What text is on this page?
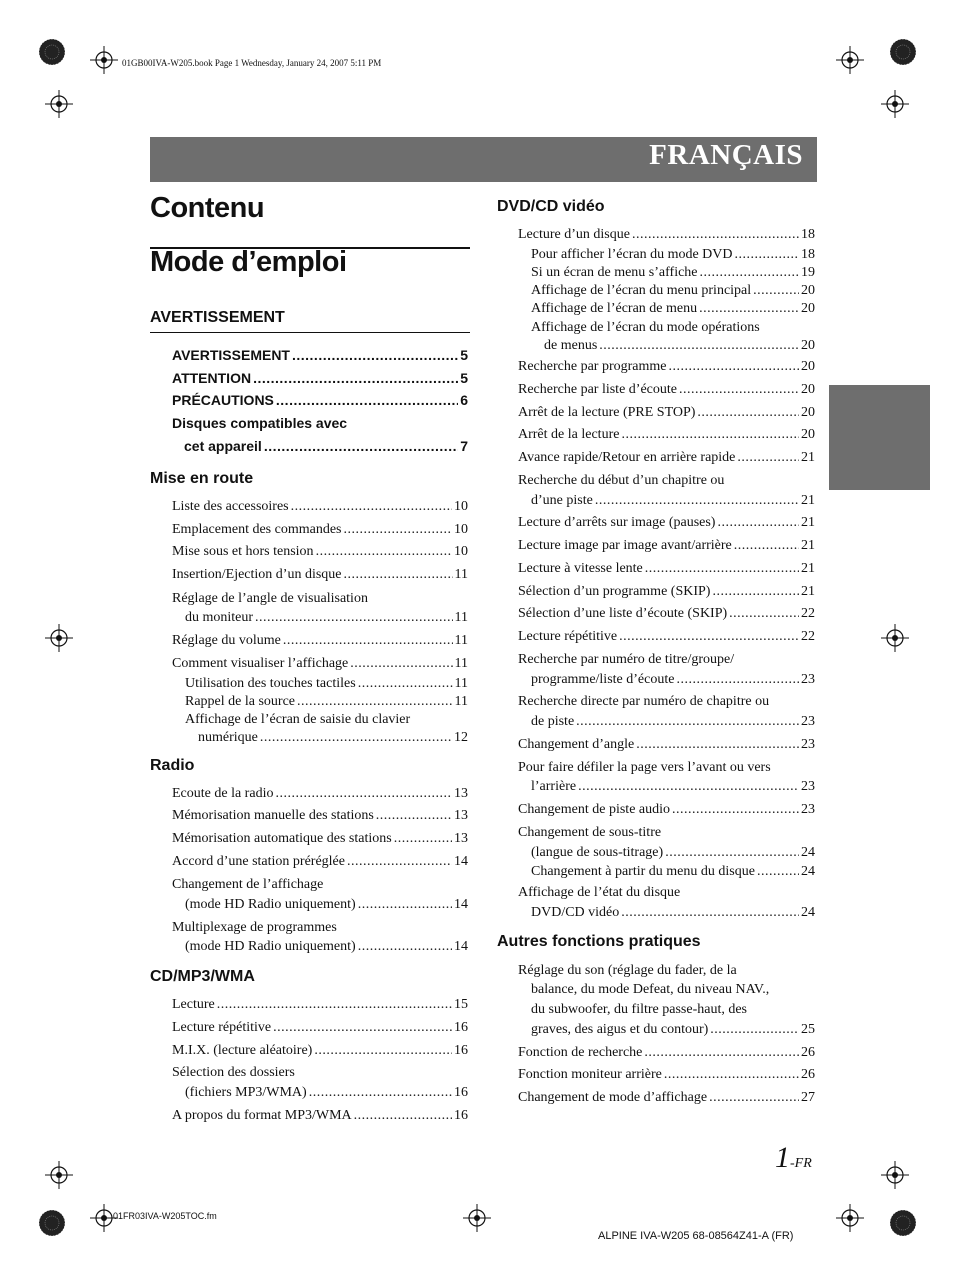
01GB00IVA-W205.book Page 1 Wednesday, January 24, 2007 5:11 PM
FRANÇAIS
Contenu
Mode d’emploi
AVERTISSEMENT
Mise en route
Radio
CD/MP3/WMA
DVD/CD vidéo
Autres fonctions pratiques
AVERTISSEMENT .....	5
ATTENTION .....	5
PRÉCAUTIONS .....	6
Disques compatibles avec
cet appareil .....	7
Liste des accessoires .....	10
Emplacement des commandes .....	10
Mise sous et hors tension .....	10
Insertion/Ejection d’un disque .....	11
Réglage de l’angle de visualisation
du moniteur .....	11
Réglage du volume .....	11
Comment visualiser l’affichage .....	11
Utilisation des touches tactiles .....	11
Rappel de la source .....	11
Affichage de l’écran de saisie du clavier
numérique .....	12
Ecoute de la radio .....	13
Mémorisation manuelle des stations .....	13
Mémorisation automatique des stations .....	13
Accord d’une station préréglée .....	14
Changement de l’affichage
(mode HD Radio uniquement) .....	14
Multiplexage de programmes
(mode HD Radio uniquement) .....	14
Lecture .....	15
Lecture répétitive .....	16
M.I.X. (lecture aléatoire) .....	16
Sélection des dossiers
(fichiers MP3/WMA) .....	16
A propos du format MP3/WMA .....	16
Lecture d’un disque .....	18
Pour afficher l’écran du mode DVD .....	18
Si un écran de menu s’affiche .....	19
Affichage de l’écran du menu principal .....	20
Affichage de l’écran de menu .....	20
Affichage de l’écran du mode opérations
de menus .....	20
Recherche par programme .....	20
Recherche par liste d’écoute .....	20
Arrêt de la lecture (PRE STOP) .....	20
Arrêt de la lecture .....	20
Avance rapide/Retour en arrière rapide .....	21
Recherche du début d’un chapitre ou
d’une piste .....	21
Lecture d’arrêts sur image (pauses) .....	21
Lecture image par image avant/arrière .....	21
Lecture à vitesse lente .....	21
Sélection d’un programme (SKIP) .....	21
Sélection d’une liste d’écoute (SKIP) .....	22
Lecture répétitive .....	22
Recherche par numéro de titre/groupe/
programme/liste d’écoute .....	23
Recherche directe par numéro de chapitre ou
de piste .....	23
Changement d’angle .....	23
Pour faire défiler la page vers l’avant ou vers
l’arrière .....	23
Changement de piste audio .....	23
Changement de sous-titre
(langue de sous-titrage) .....	24
Changement à partir du menu du disque .....	24
Affichage de l’état du disque
DVD/CD vidéo .....	24
Réglage du son (réglage du fader, de la
balance, du mode Defeat, du niveau NAV.,
du subwoofer, du filtre passe-haut, des
graves, des aigus et du contour) .....	25
Fonction de recherche .....	26
Fonction moniteur arrière .....	26
Changement de mode d’affichage .....	27
1-FR
01FR03IVA-W205TOC.fm
ALPINE IVA-W205 68-08564Z41-A (FR)
